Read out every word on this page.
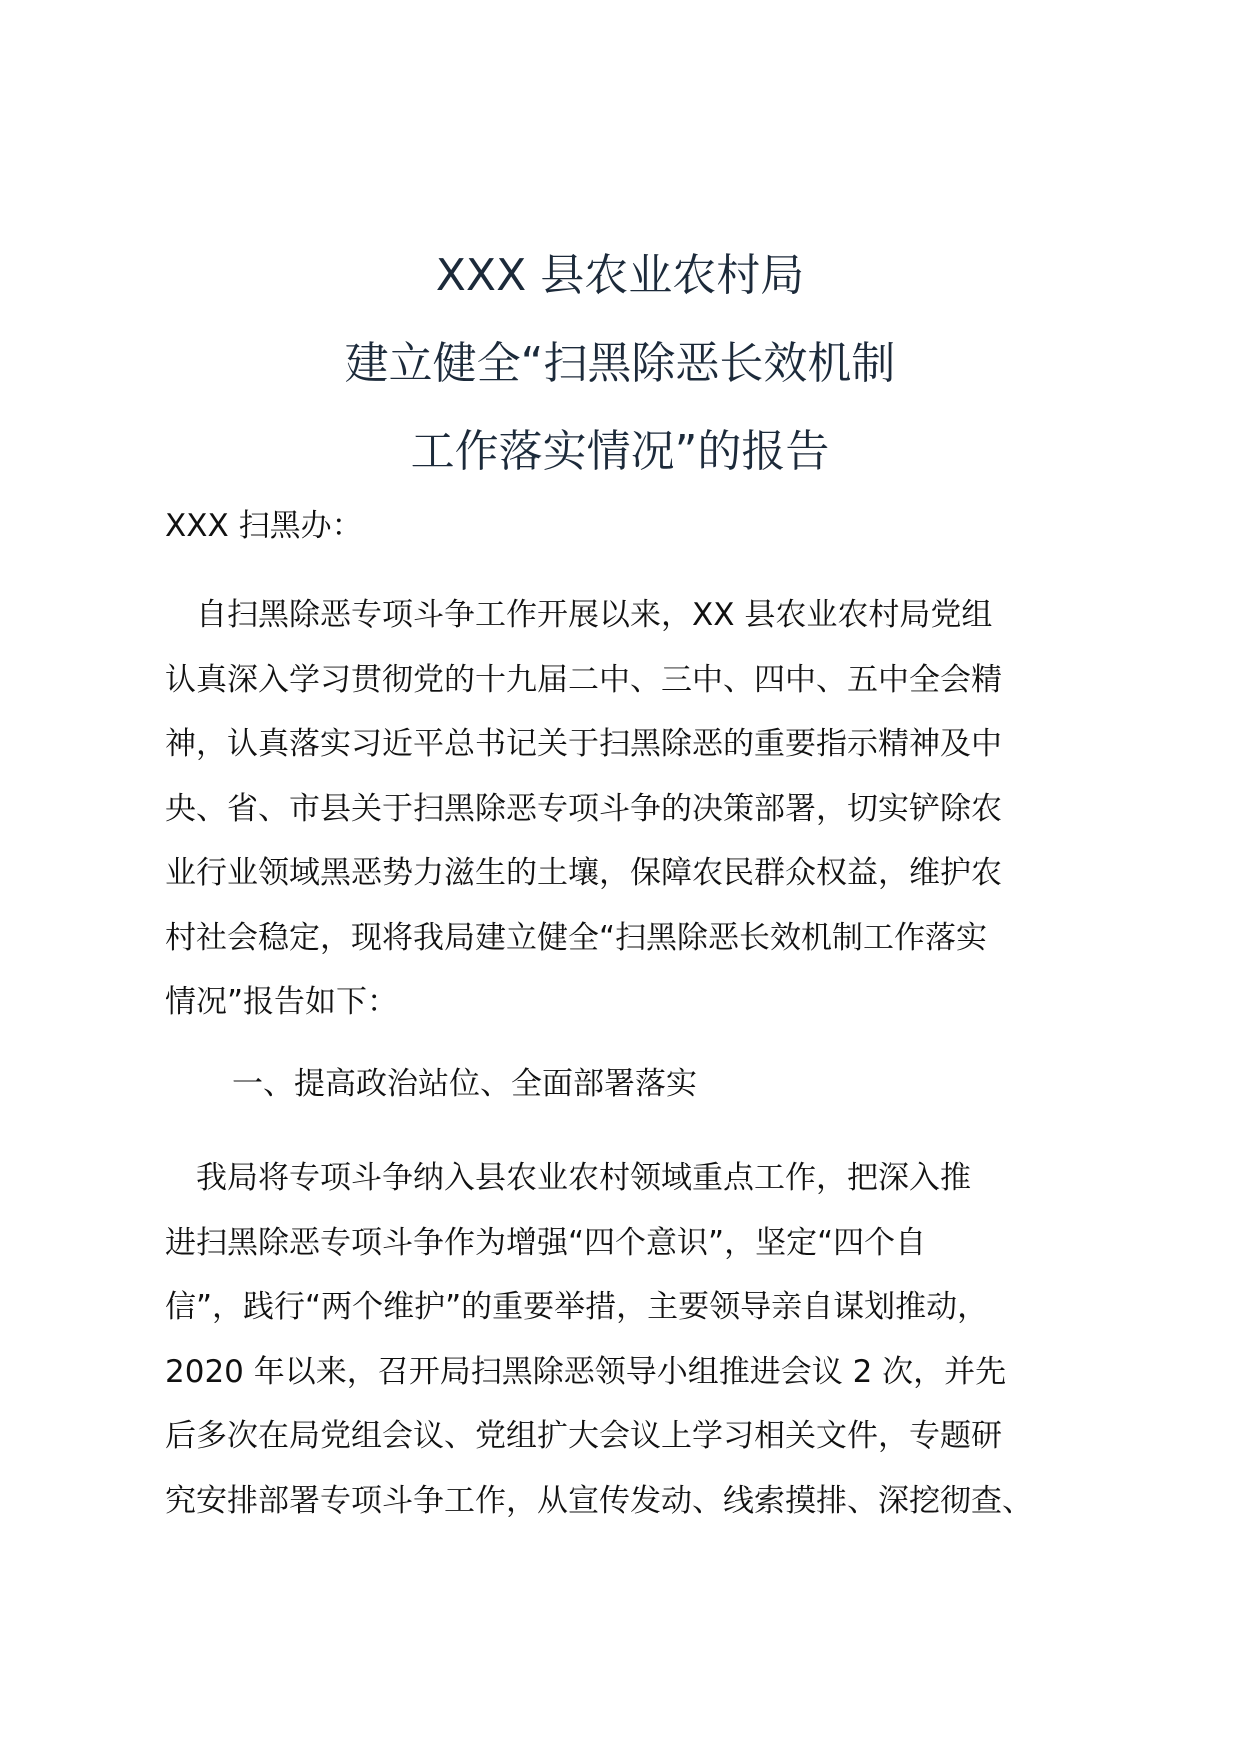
XXX 县农业农村局
建立健全“扫黑除恶长效机制
工作落实情况”的报告
XXX 扫黑办：
　自扫黑除恶专项斗争工作开展以来，XX 县农业农村局党组
认真深入学习贯彻党的十九届二中、三中、四中、五中全会精
神，认真落实习近平总书记关于扫黑除恶的重要指示精神及中
央、省、市县关于扫黑除恶专项斗争的决策部署，切实铲除农
业行业领域黑恶势力滋生的土壤，保障农民群众权益，维护农
村社会稳定，现将我局建立健全“扫黑除恶长效机制工作落实
情况”报告如下：
一、提高政治站位、全面部署落实
　我局将专项斗争纳入县农业农村领域重点工作，把深入推
进扫黑除恶专项斗争作为增强“四个意识”，坚定“四个自
信”，践行“两个维护”的重要举措，主要领导亲自谋划推动，
2020 年以来，召开局扫黑除恶领导小组推进会议 2 次，并先
后多次在局党组会议、党组扩大会议上学习相关文件，专题研
究安排部署专项斗争工作，从宣传发动、线索摸排、深挖彻查、
